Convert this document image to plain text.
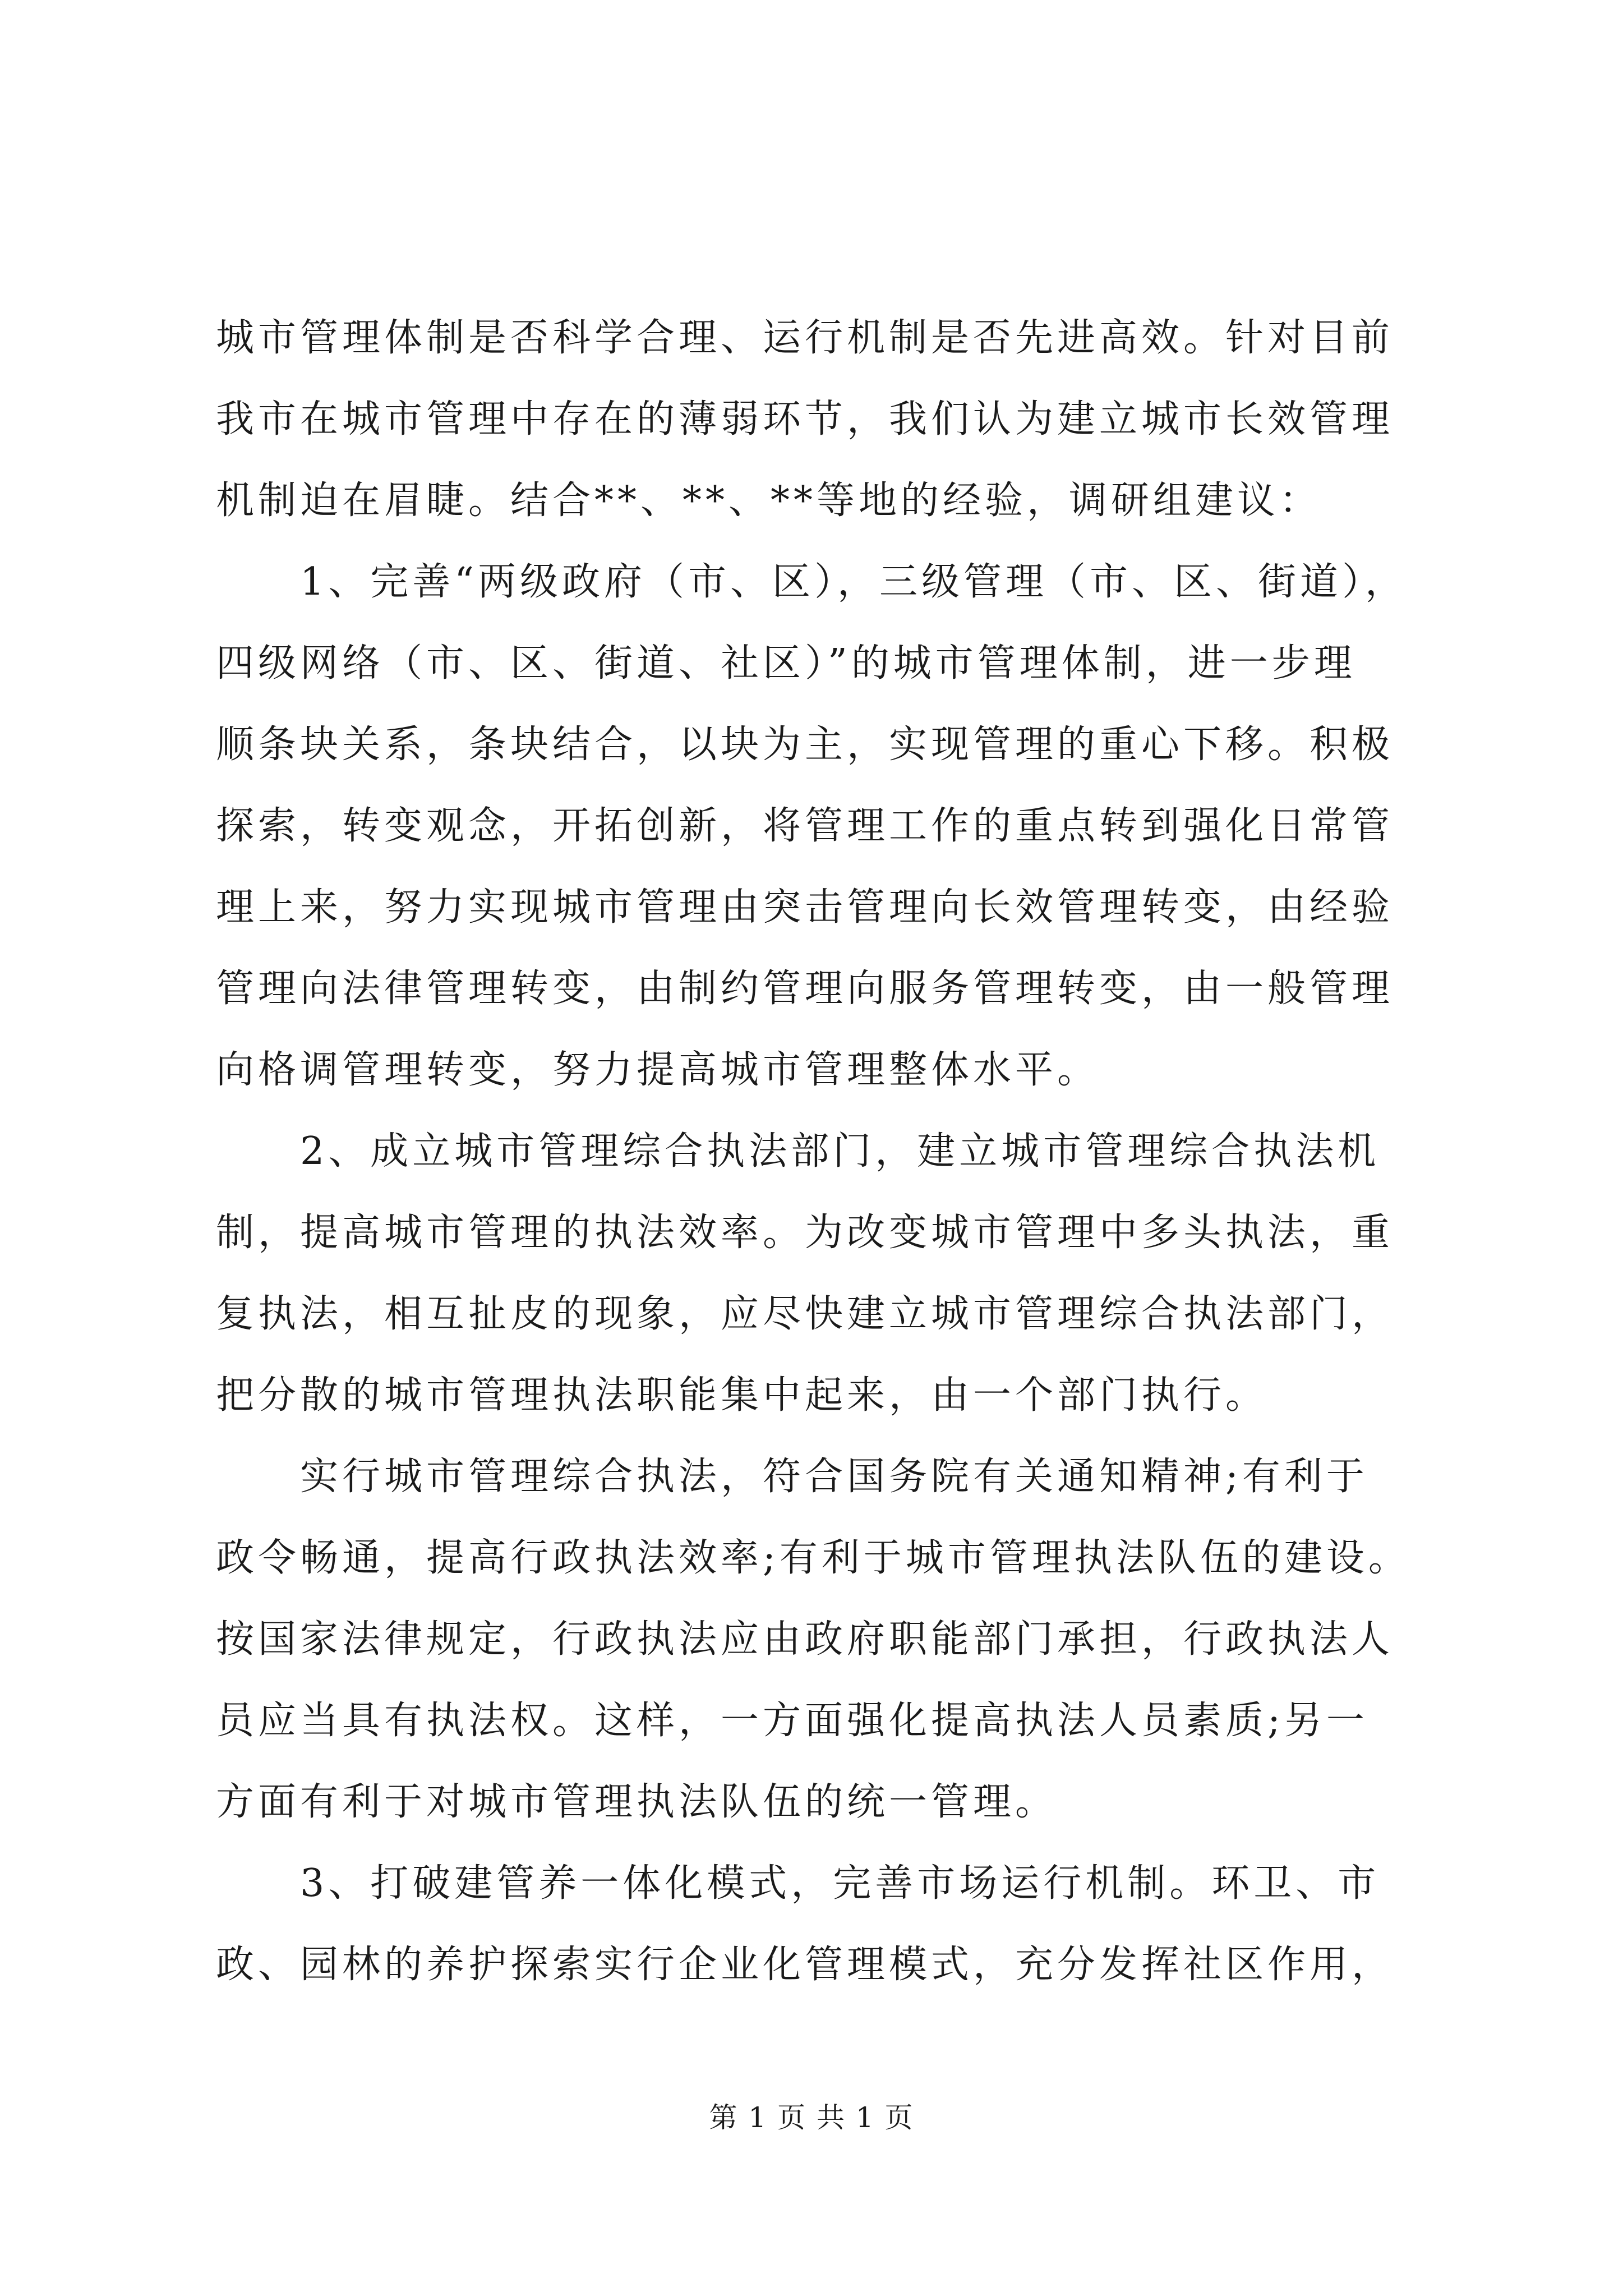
城市管理体制是否科学合理、运行机制是否先进高效。针对目前
我市在城市管理中存在的薄弱环节，我们认为建立城市长效管理
机制迫在眉睫。结合**、**、**等地的经验，调研组建议：
　　1、完善“两级政府（市、区），三级管理（市、区、街道），
四级网络（市、区、街道、社区）”的城市管理体制，进一步理
顺条块关系，条块结合，以块为主，实现管理的重心下移。积极
探索，转变观念，开拓创新，将管理工作的重点转到强化日常管
理上来，努力实现城市管理由突击管理向长效管理转变，由经验
管理向法律管理转变，由制约管理向服务管理转变，由一般管理
向格调管理转变，努力提高城市管理整体水平。
　　2、成立城市管理综合执法部门，建立城市管理综合执法机
制，提高城市管理的执法效率。为改变城市管理中多头执法，重
复执法，相互扯皮的现象，应尽快建立城市管理综合执法部门，
把分散的城市管理执法职能集中起来，由一个部门执行。
　　实行城市管理综合执法，符合国务院有关通知精神;有利于
政令畅通，提高行政执法效率;有利于城市管理执法队伍的建设。
按国家法律规定，行政执法应由政府职能部门承担，行政执法人
员应当具有执法权。这样，一方面强化提高执法人员素质;另一
方面有利于对城市管理执法队伍的统一管理。
　　3、打破建管养一体化模式，完善市场运行机制。环卫、市
政、园林的养护探索实行企业化管理模式，充分发挥社区作用，
第 1 页 共 1 页
